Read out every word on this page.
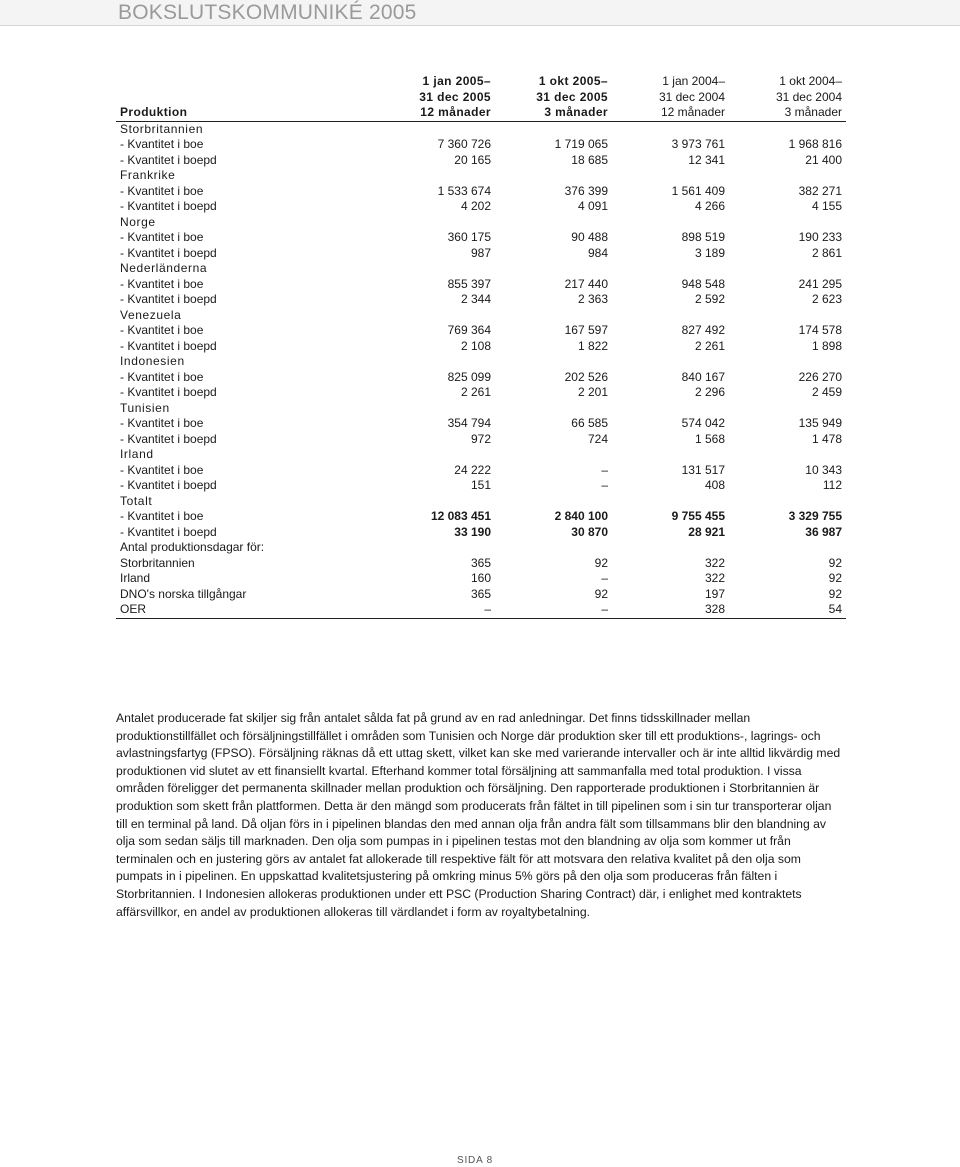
BOKSLUTSKOMMUNIKÉ 2005
	1 jan 2005–	1 okt 2005–	1 jan 2004–	1 okt 2004–
	31 dec 2005	31 dec 2005	31 dec 2004	31 dec 2004
Produktion	12 månader	3 månader	12 månader	3 månader
Storbritannien				
- Kvantitet i boe	7 360 726	1 719 065	3 973 761	1 968 816
- Kvantitet i boepd	20 165	18 685	12 341	21 400
Frankrike				
- Kvantitet i boe	1 533 674	376 399	1 561 409	382 271
- Kvantitet i boepd	4 202	4 091	4 266	4 155
Norge				
- Kvantitet i boe	360 175	90 488	898 519	190 233
- Kvantitet i boepd	987	984	3 189	2 861
Nederländerna				
- Kvantitet i boe	855 397	217 440	948 548	241 295
- Kvantitet i boepd	2 344	2 363	2 592	2 623
Venezuela				
- Kvantitet i boe	769 364	167 597	827 492	174 578
- Kvantitet i boepd	2 108	1 822	2 261	1 898
Indonesien				
- Kvantitet i boe	825 099	202 526	840 167	226 270
- Kvantitet i boepd	2 261	2 201	2 296	2 459
Tunisien				
- Kvantitet i boe	354 794	66 585	574 042	135 949
- Kvantitet i boepd	972	724	1 568	1 478
Irland				
- Kvantitet i boe	24 222	–	131 517	10 343
- Kvantitet i boepd	151	–	408	112
Totalt				
- Kvantitet i boe	12 083 451	2 840 100	9 755 455	3 329 755
- Kvantitet i boepd	33 190	30 870	28 921	36 987
Antal produktionsdagar för:				
Storbritannien	365	92	322	92
Irland	160	–	322	92
DNO's norska tillgångar	365	92	197	92
OER	–	–	328	54

Antalet producerade fat skiljer sig från antalet sålda fat på grund av en rad anledningar. Det finns tidsskillnader mellan produktionstillfället och försäljningstillfället i områden som Tunisien och Norge där produktion sker till ett produktions-, lagrings- och avlastningsfartyg (FPSO). Försäljning räknas då ett uttag skett, vilket kan ske med varierande intervaller och är inte alltid likvärdig med produktionen vid slutet av ett finansiellt kvartal. Efterhand kommer total försäljning att sammanfalla med total produktion. I vissa områden föreligger det permanenta skillnader mellan produktion och försäljning. Den rapporterade produktionen i Storbritannien är produktion som skett från plattformen. Detta är den mängd som producerats från fältet in till pipelinen som i sin tur transporterar oljan till en terminal på land. Då oljan förs in i pipelinen blandas den med annan olja från andra fält som tillsammans blir den blandning av olja som sedan säljs till marknaden. Den olja som pumpas in i pipelinen testas mot den blandning av olja som kommer ut från terminalen och en justering görs av antalet fat allokerade till respektive fält för att motsvara den relativa kvalitet på den olja som pumpats in i pipelinen. En uppskattad kvalitetsjustering på omkring minus 5% görs på den olja som produceras från fälten i Storbritannien. I Indonesien allokeras produktionen under ett PSC (Production Sharing Contract) där, i enlighet med kontraktets affärsvillkor, en andel av produktionen allokeras till värdlandet i form av royaltybetalning.

SIDA 8
